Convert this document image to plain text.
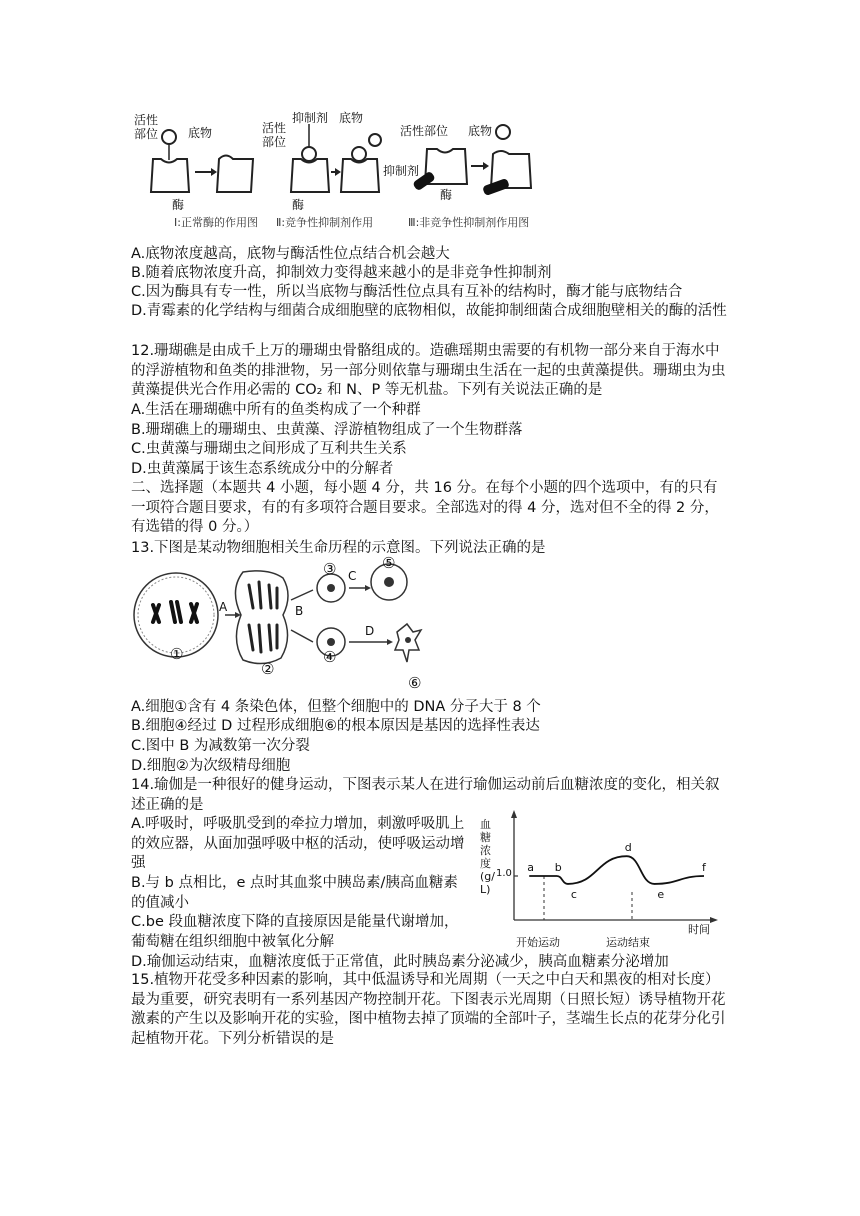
活性
部位 底物
酶
Ⅰ:正常酶的作用图
抑制剂 底物
活性
部位
酶
Ⅱ:竞争性抑制剂作用
活性部位 底物
抑制剂
酶
Ⅲ:非竞争性抑制剂作用图
A.底物浓度越高，底物与酶活性位点结合机会越大
B.随着底物浓度升高，抑制效力变得越来越小的是非竞争性抑制剂
C.因为酶具有专一性，所以当底物与酶活性位点具有互补的结构时，酶才能与底物结合
D.青霉素的化学结构与细菌合成细胞壁的底物相似，故能抑制细菌合成细胞壁相关的酶的活性
12.珊瑚礁是由成千上万的珊瑚虫骨骼组成的。造礁瑶期虫需要的有机物一部分来自于海水中的浮游植物和鱼类的排泄物，另一部分则依靠与珊瑚虫生活在一起的虫黄藻提供。珊瑚虫为虫黄藻提供光合作用必需的 CO₂ 和 N、P 等无机盐。下列有关说法正确的是
A.生活在珊瑚礁中所有的鱼类构成了一个种群
B.珊瑚礁上的珊瑚虫、虫黄藻、浮游植物组成了一个生物群落
C.虫黄藻与珊瑚虫之间形成了互利共生关系
D.虫黄藻属于该生态系统成分中的分解者
二、选择题（本题共 4 小题，每小题 4 分，共 16 分。在每个小题的四个选项中，有的只有一项符合题目要求，有的有多项符合题目要求。全部选对的得 4 分，选对但不全的得 2 分，有选错的得 0 分。）
13.下图是某动物细胞相关生命历程的示意图。下列说法正确的是
A	B
C
D
①
②
③
④
⑤
⑥
A.细胞①含有 4 条染色体，但整个细胞中的 DNA 分子大于 8 个
B.细胞④经过 D 过程形成细胞⑥的根本原因是基因的选择性表达
C.图中 B 为减数第一次分裂
D.细胞②为次级精母细胞
14.瑜伽是一种很好的健身运动，下图表示某人在进行瑜伽运动前后血糖浓度的变化，相关叙述正确的是
A.呼吸时，呼吸肌受到的牵拉力增加，刺激呼吸肌上的效应器，从面加强呼吸中枢的活动，使呼吸运动增强
B.与 b 点相比，e 点时其血浆中胰岛素/胰高血糖素的值减小
C.be 段血糖浓度下降的直接原因是能量代谢增加，葡萄糖在组织细胞中被氧化分解
D.瑜伽运动结束，血糖浓度低于正常值，此时胰岛素分泌减少，胰高血糖素分泌增加
a b
c
d
e
f
血糖浓度(g/L)
1.0
时间
开始运动	运动结束
15.植物开花受多种因素的影响，其中低温诱导和光周期（一天之中白天和黑夜的相对长度）最为重要，研究表明有一系列基因产物控制开花。下图表示光周期（日照长短）诱导植物开花激素的产生以及影响开花的实验，图中植物去掉了顶端的全部叶子，茎端生长点的花芽分化引起植物开花。下列分析错误的是
